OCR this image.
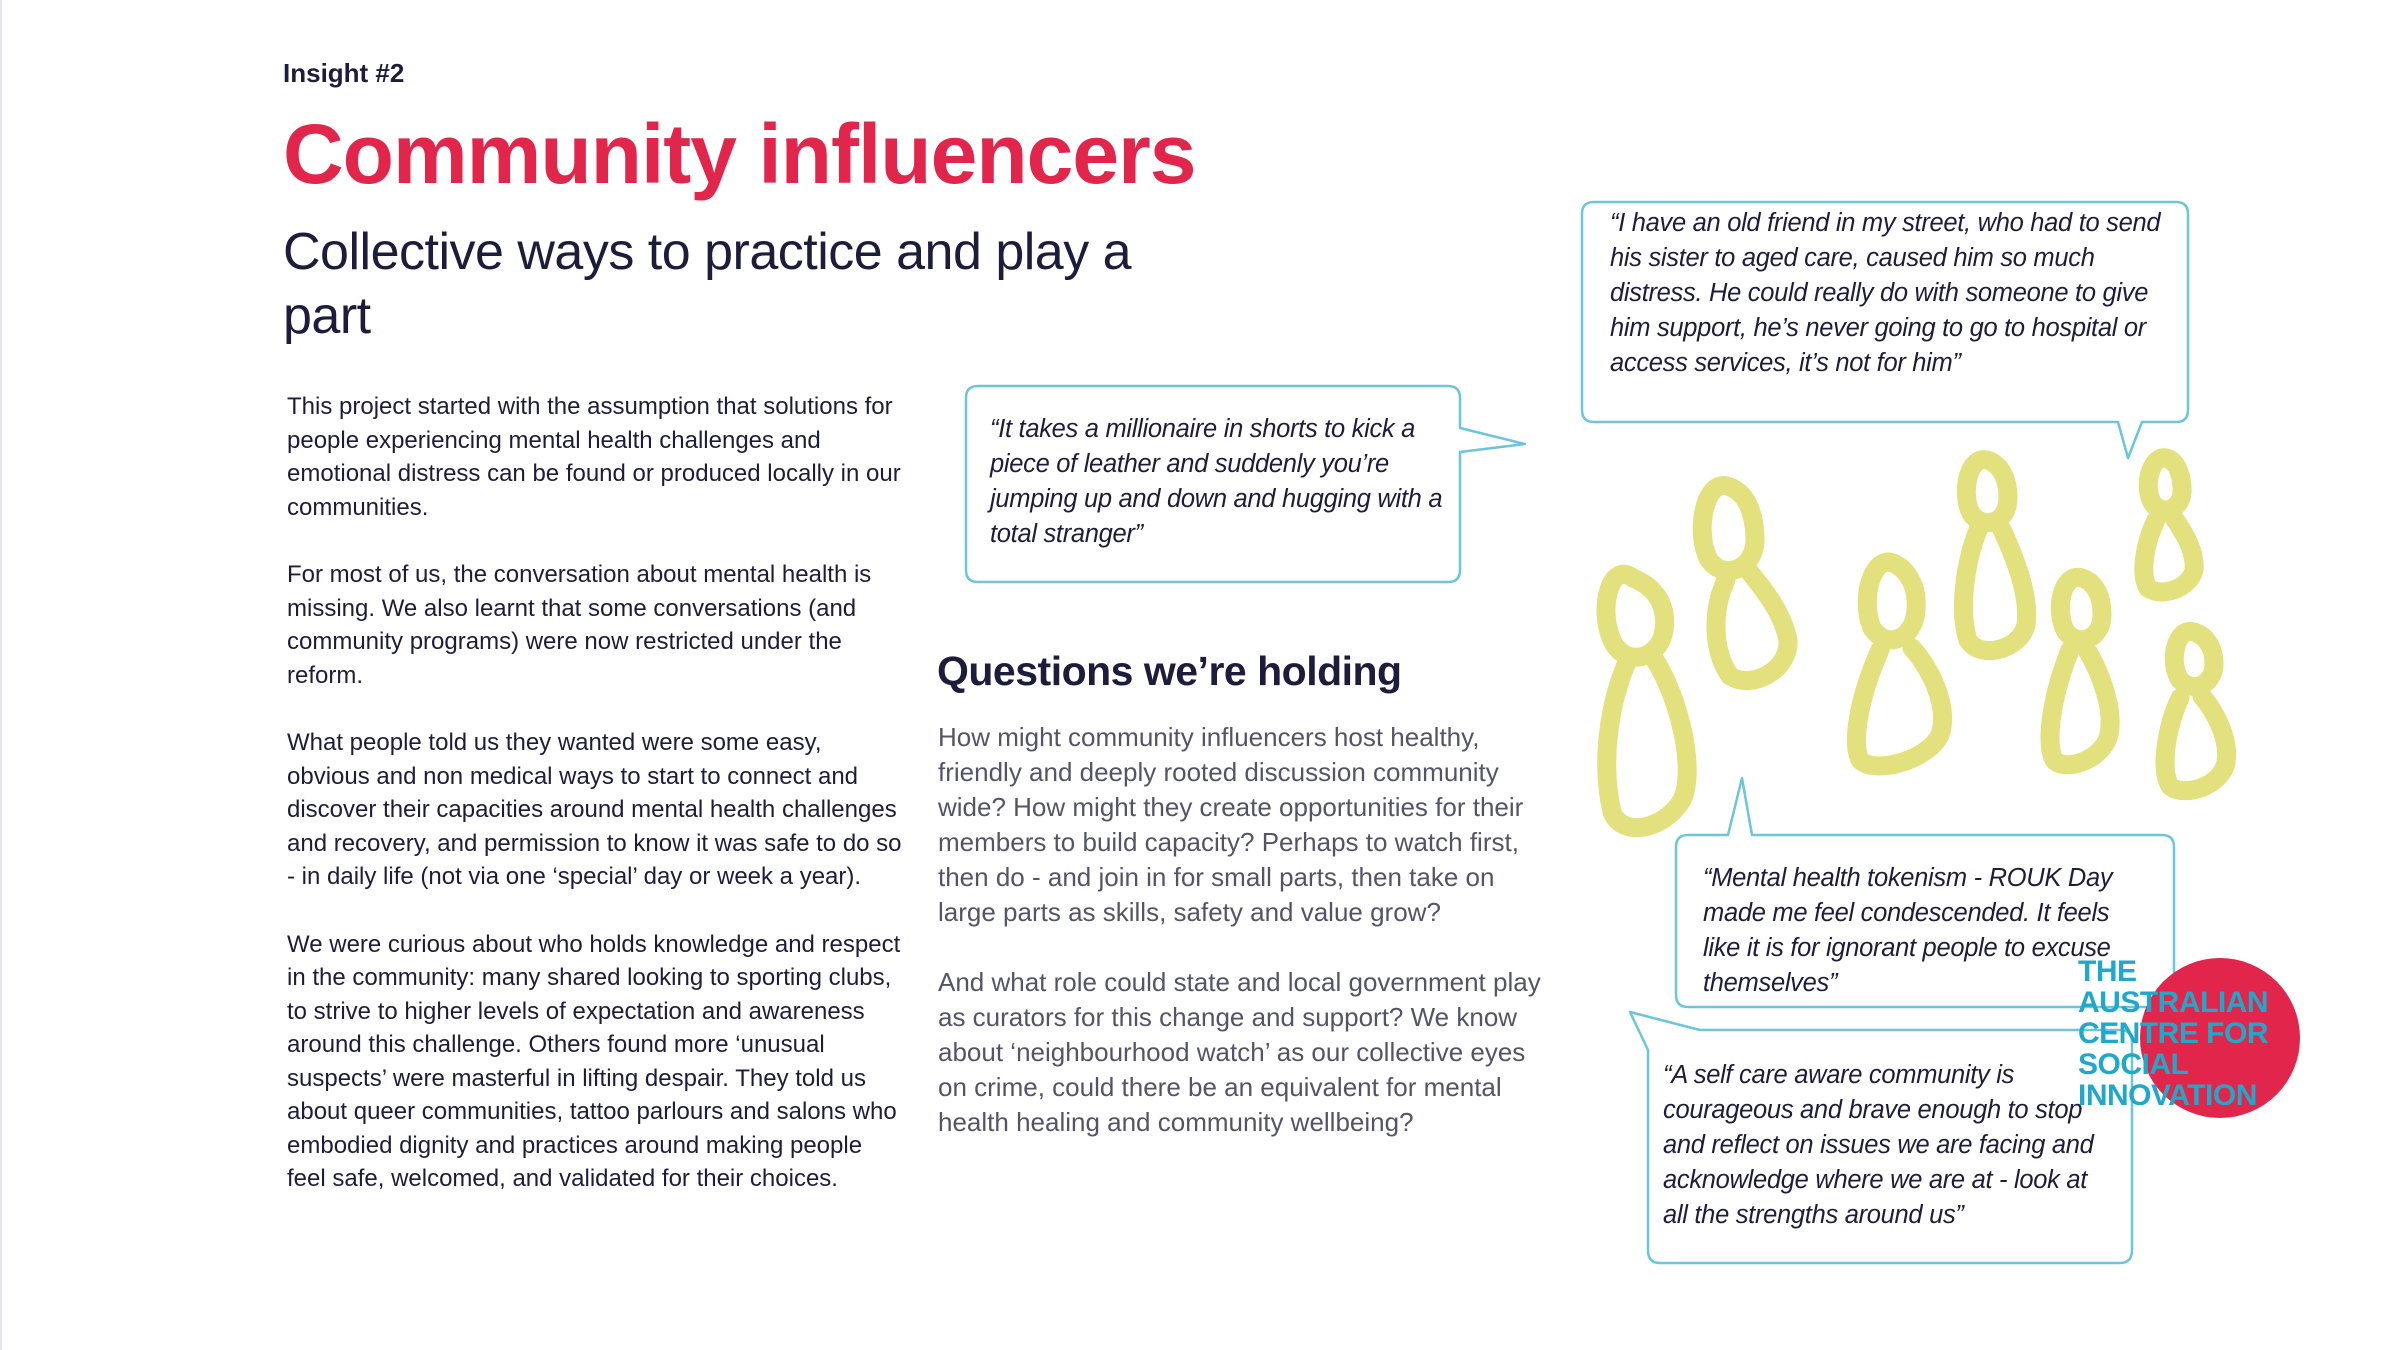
Insight #2
Community influencers
Collective ways to practice and play a part

This project started with the assumption that solutions for people experiencing mental health challenges and emotional distress can be found or produced locally in our communities.

For most of us, the conversation about mental health is missing. We also learnt that some conversations (and community programs) were now restricted under the reform.

What people told us they wanted were some easy, obvious and non medical ways to start to connect and discover their capacities around mental health challenges and recovery, and permission to know it was safe to do so - in daily life (not via one ‘special’ day or week a year).

We were curious about who holds knowledge and respect in the community: many shared looking to sporting clubs, to strive to higher levels of expectation and awareness around this challenge. Others found more ‘unusual suspects’ were masterful in lifting despair. They told us about queer communities, tattoo parlours and salons who embodied dignity and practices around making people feel safe, welcomed, and validated for their choices.

Questions we’re holding

How might community influencers host healthy, friendly and deeply rooted discussion community wide? How might they create opportunities for their members to build capacity? Perhaps to watch first, then do - and join in for small parts, then take on large parts as skills, safety and value grow?

And what role could state and local government play as curators for this change and support? We know about ‘neighbourhood watch’ as our collective eyes on crime, could there be an equivalent for mental health healing and community wellbeing?

“It takes a millionaire in shorts to kick a piece of leather and suddenly you’re jumping up and down and hugging with a total stranger”
“I have an old friend in my street, who had to send his sister to aged care, caused him so much distress. He could really do with someone to give him support, he’s never going to go to hospital or access services, it’s not for him”
“Mental health tokenism - ROUK Day made me feel condescended. It feels like it is for ignorant people to excuse themselves”
“A self care aware community is courageous and brave enough to stop and reflect on issues we are facing and acknowledge where we are at - look at all the strengths around us”
THE
AUSTRALIAN
CENTRE FOR
SOCIAL
INNOVATION
